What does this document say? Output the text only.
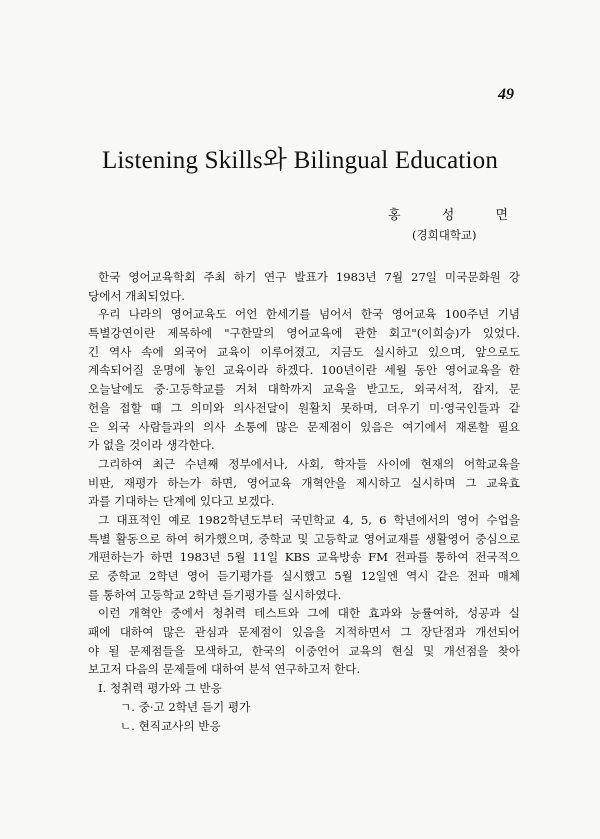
49
Listening Skills와 Bilingual Education
홍	성	면
(경희대학교)
한국 영어교육학회 주최 하기 연구 발표가 1983년 7월 27일 미국문화원 강
당에서 개최되었다.
우리 나라의 영어교육도 어언 한세기를 넘어서 한국 영어교육 100주년 기념
특별강연이란 제목하에 "구한말의 영어교육에 관한 회고"(이희승)가 있었다.
긴 역사 속에 외국어 교육이 이루어졌고, 지금도 실시하고 있으며, 앞으로도
계속되어질 운명에 놓인 교육이라 하겠다. 100년이란 세월 동안 영어교육을 한
오늘날에도 중·고등학교를 거쳐 대학까지 교육을 받고도, 외국서적, 잡지, 문
헌을 접할 때 그 의미와 의사전달이 원활치 못하며, 더우기 미·영국인들과 같
은 외국 사람들과의 의사 소통에 많은 문제점이 있음은 여기에서 재론할 필요
가 없을 것이라 생각한다.
그리하여 최근 수년째 정부에서나, 사회, 학자들 사이에 현재의 어학교육을
비판, 재평가 하는가 하면, 영어교육 개혁안을 제시하고 실시하며 그 교육효
과를 기대하는 단계에 있다고 보겠다.
그 대표적인 예로 1982학년도부터 국민학교 4, 5, 6 학년에서의 영어 수업을
특별 활동으로 하여 허가했으며, 중학교 및 고등학교 영어교재를 생활영어 중심으로
개편하는가 하면 1983년 5월 11일 KBS 교육방송 FM 전파를 통하여 전국적으
로 중학교 2학년 영어 듣기평가를 실시했고 5월 12일엔 역시 같은 전파 매체
를 통하여 고등학교 2학년 듣기평가를 실시하였다.
이런 개혁안 중에서 청취력 테스트와 그에 대한 효과와 능률여하, 성공과 실
패에 대하여 많은 관심과 문제점이 있음을 지적하면서 그 장단점과 개선되어
야 될 문제점들을 모색하고, 한국의 이중언어 교육의 현실 및 개선점을 찾아
보고저 다음의 문제들에 대하여 분석 연구하고저 한다.
I. 청취력 평가와 그 반응
ㄱ. 중·고 2학년 듣기 평가
ㄴ. 현직교사의 반응
